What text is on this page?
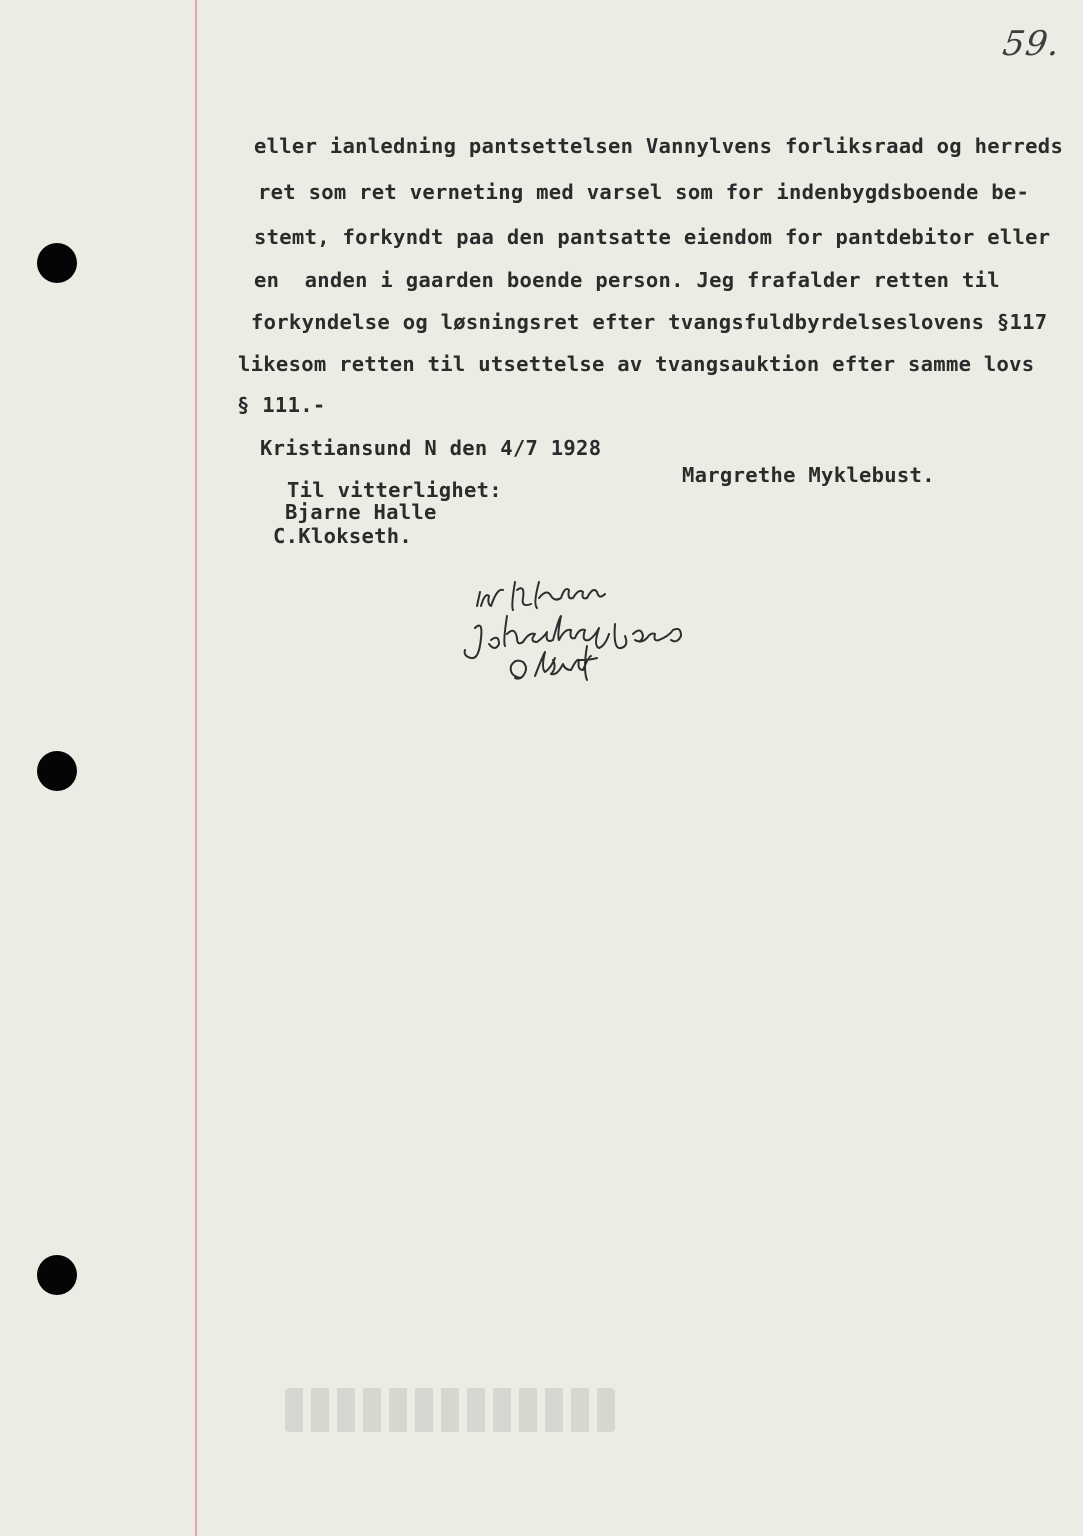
59.
eller ianledning pantsettelsen Vannylvens forliksraad og herreds
ret som ret verneting med varsel som for indenbygdsboende be-
stemt, forkyndt paa den pantsatte eiendom for pantdebitor eller
en  anden i gaarden boende person. Jeg frafalder retten til
forkyndelse og løsningsret efter tvangsfuldbyrdelseslovens §117
likesom retten til utsettelse av tvangsauktion efter samme lovs
§ 111.-
Kristiansund N den 4/7 1928
Margrethe Myklebust.
Til vitterlighet:
Bjarne Halle
C.Klokseth.
